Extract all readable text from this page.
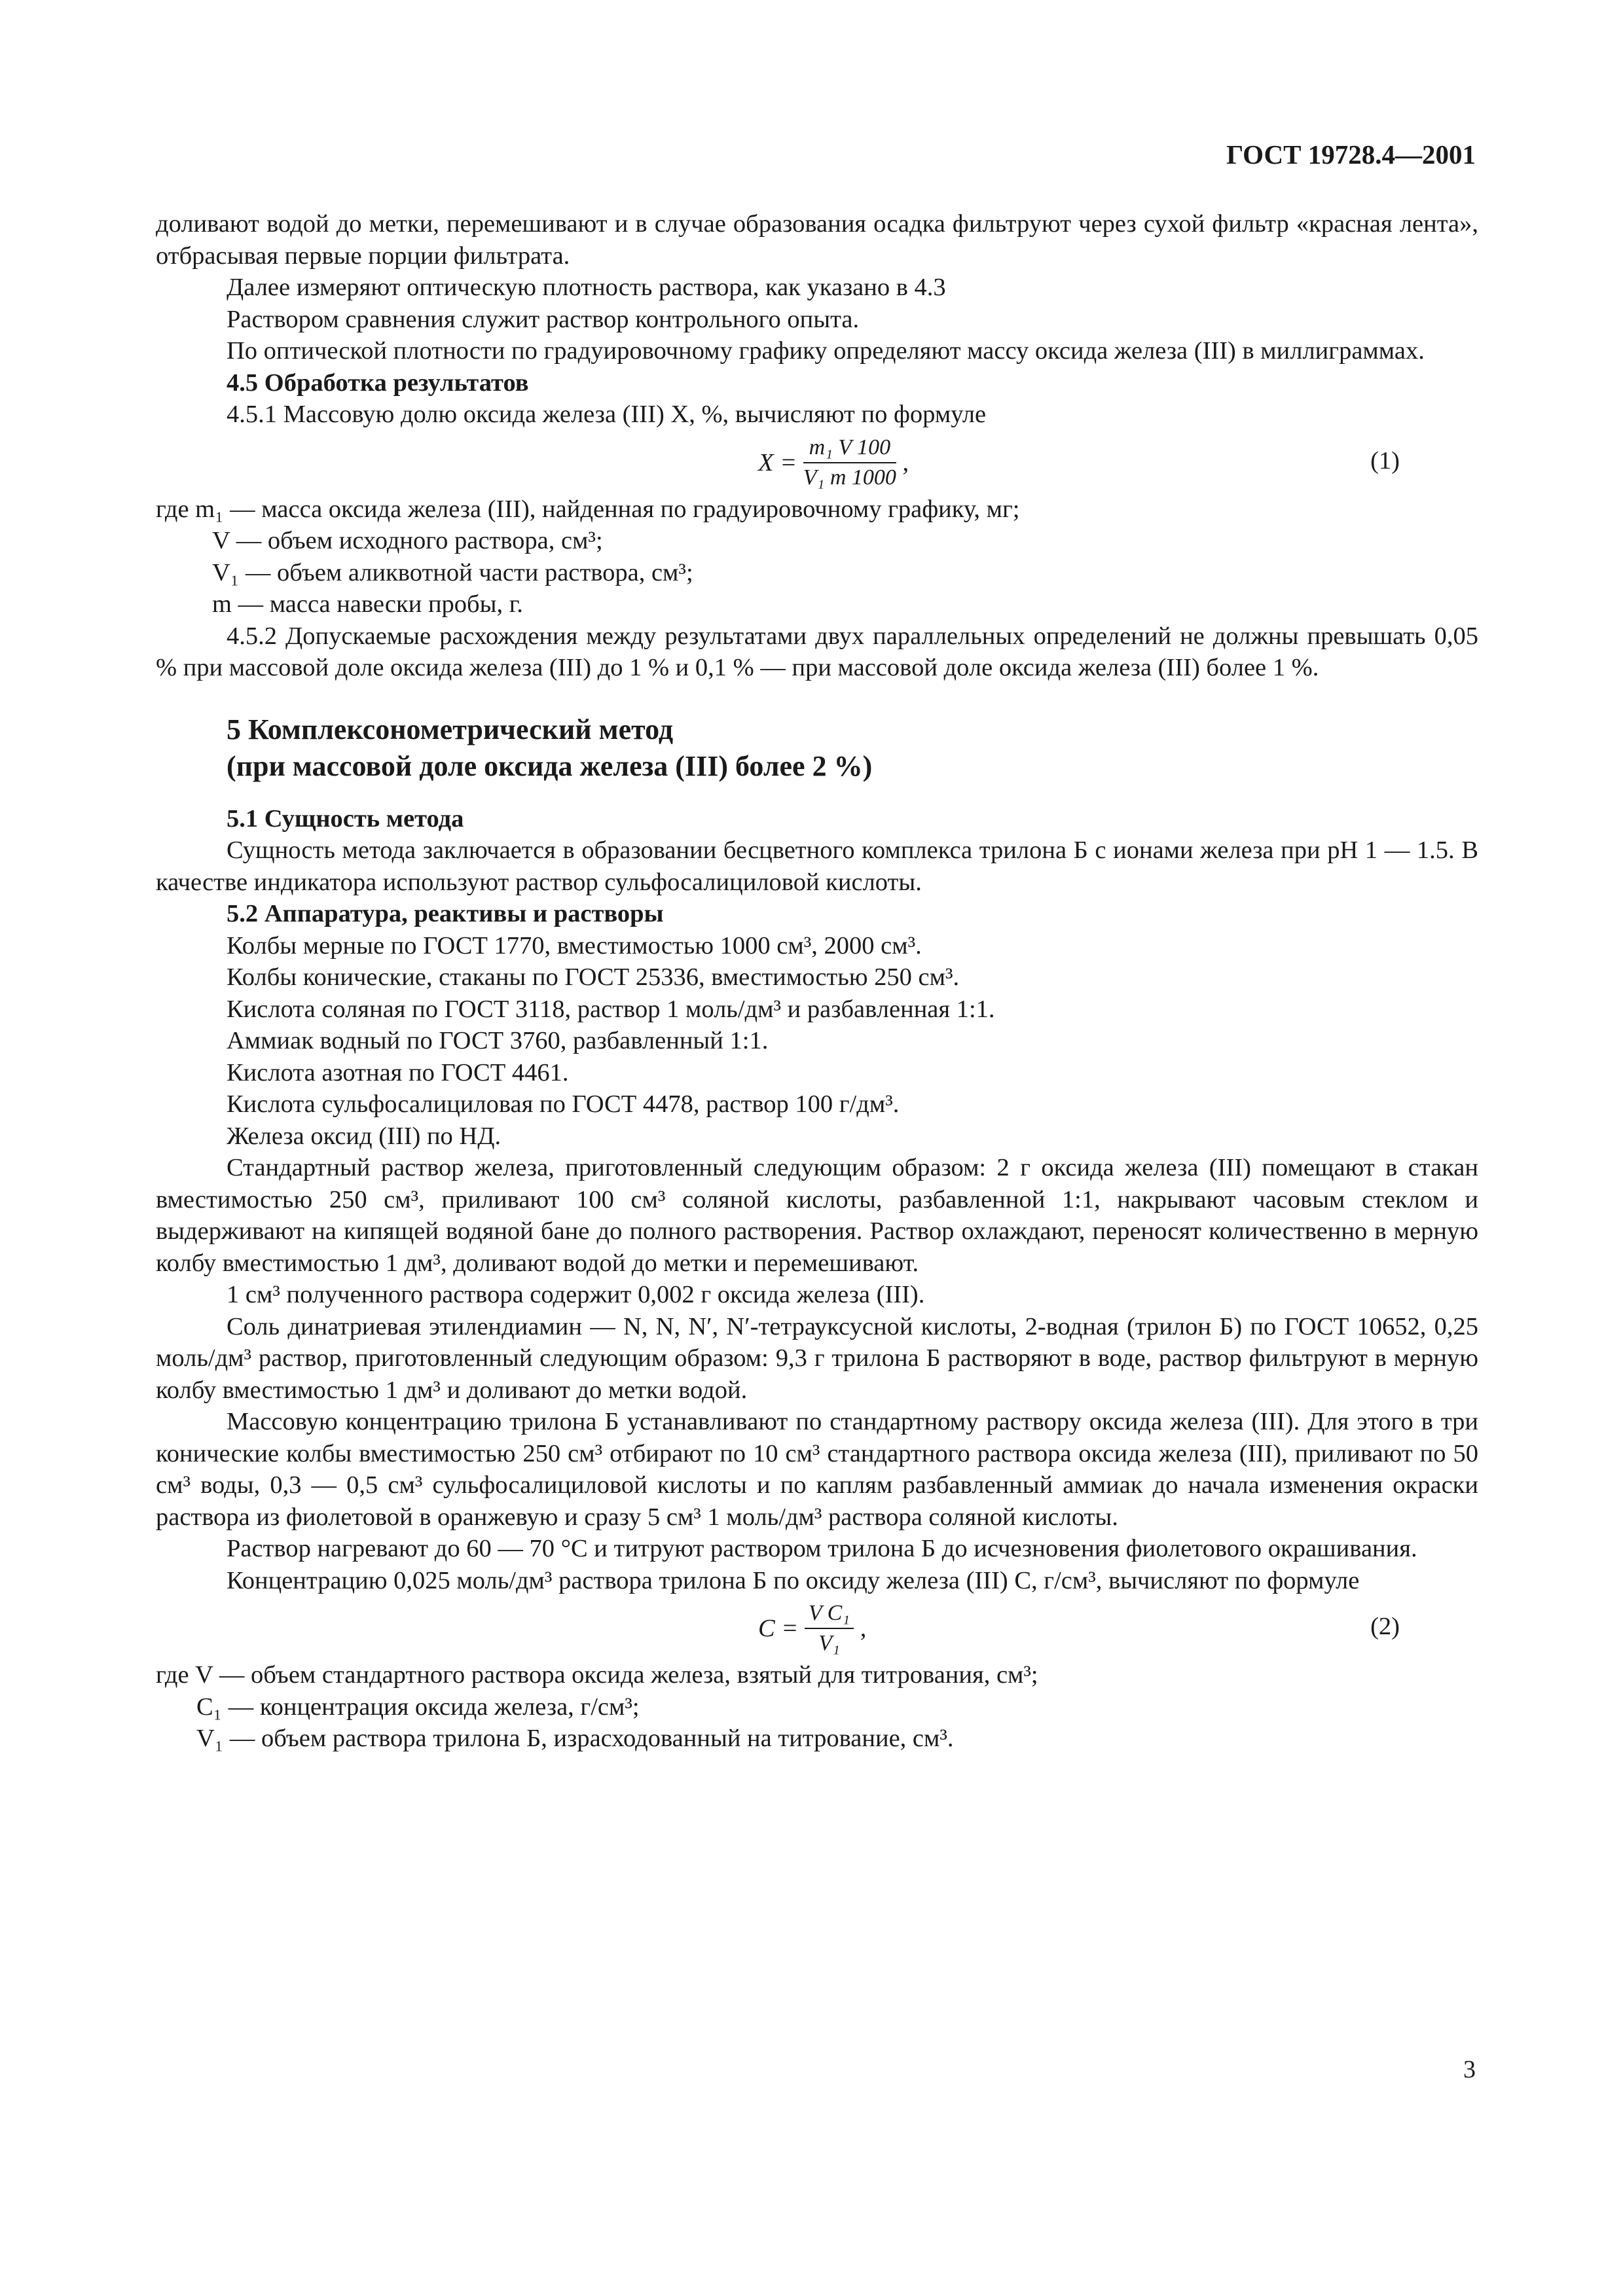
ГОСТ 19728.4—2001

доливают водой до метки, перемешивают и в случае образования осадка фильтруют через сухой фильтр «красная лента», отбрасывая первые порции фильтрата.

Далее измеряют оптическую плотность раствора, как указано в 4.3

Раствором сравнения служит раствор контрольного опыта.

По оптической плотности по градуировочному графику определяют массу оксида железа (III) в миллиграммах.

4.5 Обработка результатов

4.5.1 Массовую долю оксида железа (III) X, %, вычисляют по формуле

$X = \frac{\text{m₁ V 100}}{\text{V₁ m 1000}}$ ,	(1)

где m₁ — масса оксида железа (III), найденная по градуировочному графику, мг;

V — объем исходного раствора, см³;

V₁ — объем аликвотной части раствора, см³;

m — масса навески пробы, г.

4.5.2 Допускаемые расхождения между результатами двух параллельных определений не должны превышать 0,05 % при массовой доле оксида железа (III) до 1 % и 0,1 % — при массовой доле оксида железа (III) более 1 %.

5 Комплексонометрический метод

(при массовой доле оксида железа (III) более 2 %)

5.1 Сущность метода

Сущность метода заключается в образовании бесцветного комплекса трилона Б с ионами железа при pH 1 — 1.5. В качестве индикатора используют раствор сульфосалициловой кислоты.

5.2 Аппаратура, реактивы и растворы

Колбы мерные по ГОСТ 1770, вместимостью 1000 см³, 2000 см³.

Колбы конические, стаканы по ГОСТ 25336, вместимостью 250 см³.

Кислота соляная по ГОСТ 3118, раствор 1 моль/дм³ и разбавленная 1:1.

Аммиак водный по ГОСТ 3760, разбавленный 1:1.

Кислота азотная по ГОСТ 4461.

Кислота сульфосалициловая по ГОСТ 4478, раствор 100 г/дм³.

Железа оксид (III) по НД.

Стандартный раствор железа, приготовленный следующим образом: 2 г оксида железа (III) помещают в стакан вместимостью 250 см³, приливают 100 см³ соляной кислоты, разбавленной 1:1, накрывают часовым стеклом и выдерживают на кипящей водяной бане до полного растворения. Раствор охлаждают, переносят количественно в мерную колбу вместимостью 1 дм³, доливают водой до метки и перемешивают.

1 см³ полученного раствора содержит 0,002 г оксида железа (III).

Соль динатриевая этилендиамин — N, N, N′, N′-тетрауксусной кислоты, 2-водная (трилон Б) по ГОСТ 10652, 0,25 моль/дм³ раствор, приготовленный следующим образом: 9,3 г трилона Б растворяют в воде, раствор фильтруют в мерную колбу вместимостью 1 дм³ и доливают до метки водой.

Массовую концентрацию трилона Б устанавливают по стандартному раствору оксида железа (III). Для этого в три конические колбы вместимостью 250 см³ отбирают по 10 см³ стандартного раствора оксида железа (III), приливают по 50 см³ воды, 0,3 — 0,5 см³ сульфосалициловой кислоты и по каплям разбавленный аммиак до начала изменения окраски раствора из фиолетовой в оранжевую и сразу 5 см³ 1 моль/дм³ раствора соляной кислоты.

Раствор нагревают до 60 — 70 °С и титруют раствором трилона Б до исчезновения фиолетового окрашивания.

Концентрацию 0,025 моль/дм³ раствора трилона Б по оксиду железа (III) C, г/см³, вычисляют по формуле

$C = \frac{\text{V C₁}}{\text{V₁}}$ ,	(2)

где V — объем стандартного раствора оксида железа, взятый для титрования, см³;

C₁ — концентрация оксида железа, г/см³;

V₁ — объем раствора трилона Б, израсходованный на титрование, см³.

3
